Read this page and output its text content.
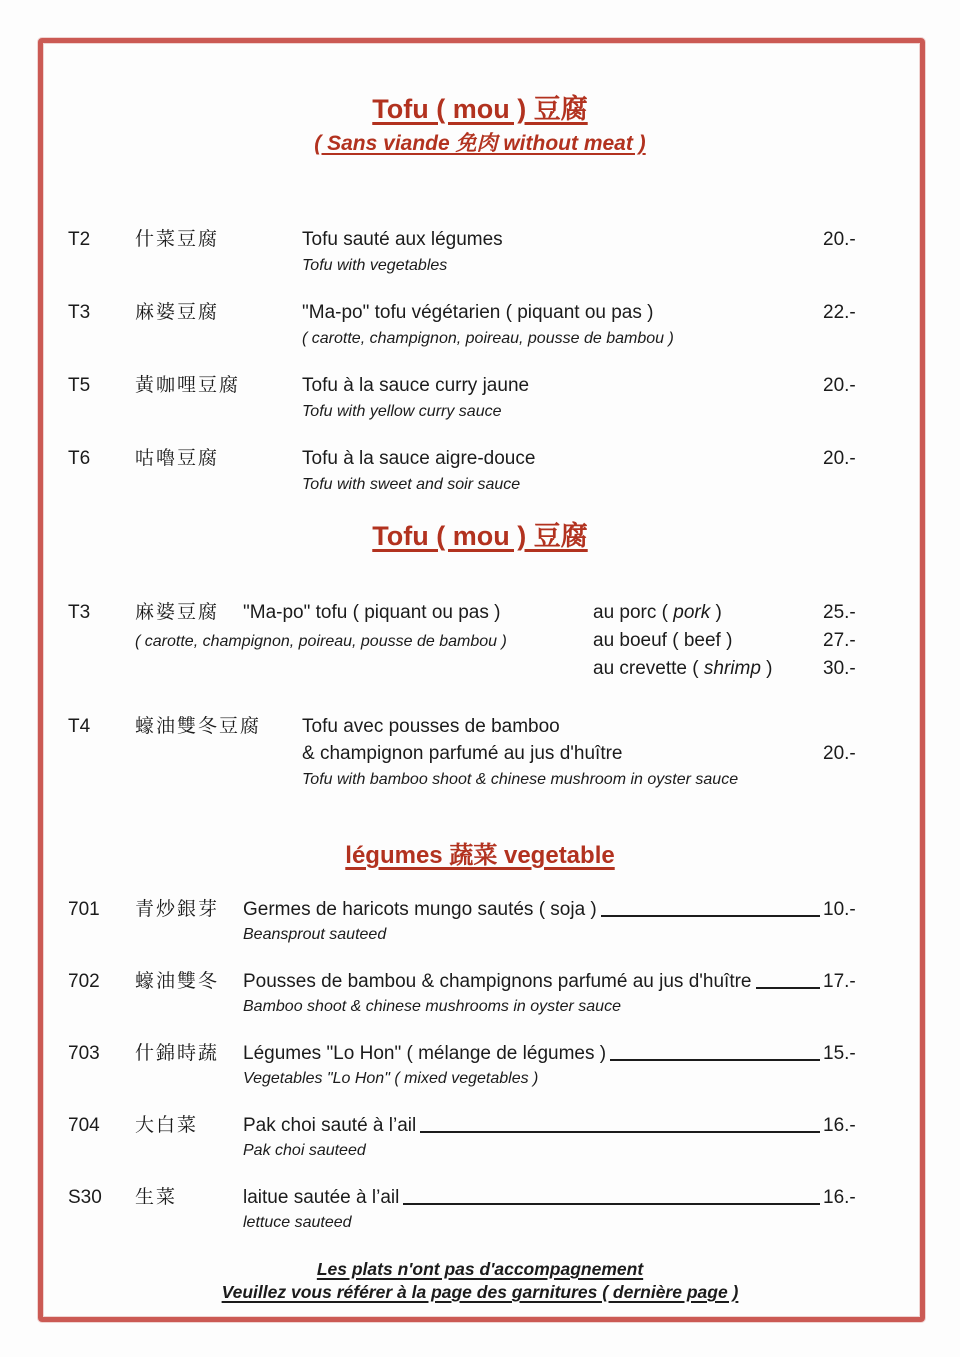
Tofu ( mou ) 豆腐
( Sans viande 免肉 without meat )
T2	什菜豆腐	Tofu sauté aux légumes	20.-
Tofu with vegetables
T3	麻婆豆腐	"Ma-po" tofu végétarien ( piquant ou pas )	22.-
( carotte, champignon, poireau, pousse de bambou )
T5	黃咖哩豆腐	Tofu à la sauce curry jaune	20.-
Tofu with yellow curry sauce
T6	咕嚕豆腐	Tofu à la sauce aigre-douce	20.-
Tofu with sweet and soir sauce
Tofu ( mou ) 豆腐
T3	麻婆豆腐	"Ma-po" tofu ( piquant ou pas )	au porc ( pork )	25.-
( carotte, champignon, poireau, pousse de bambou )	au boeuf ( beef )	27.-
au crevette ( shrimp )	30.-
T4	蠔油雙冬豆腐	Tofu avec pousses de bamboo
& champignon parfumé au jus d'huître	20.-
Tofu with bamboo shoot & chinese mushroom in oyster sauce
légumes 蔬菜 vegetable
701	青炒銀芽	Germes de haricots mungo sautés ( soja )	10.-
Beansprout sauteed
702	蠔油雙冬	Pousses de bambou & champignons parfumé au jus d'huître	17.-
Bamboo shoot & chinese mushrooms in oyster sauce
703	什錦時蔬	Légumes "Lo Hon" ( mélange de légumes )	15.-
Vegetables "Lo Hon" ( mixed vegetables )
704	大白菜	Pak choi sauté à l’ail	16.-
Pak choi sauteed
S30	生菜	laitue sautée à l’ail	16.-
lettuce sauteed
Les plats n'ont pas d'accompagnement
Veuillez vous référer à la page des garnitures ( dernière page )
